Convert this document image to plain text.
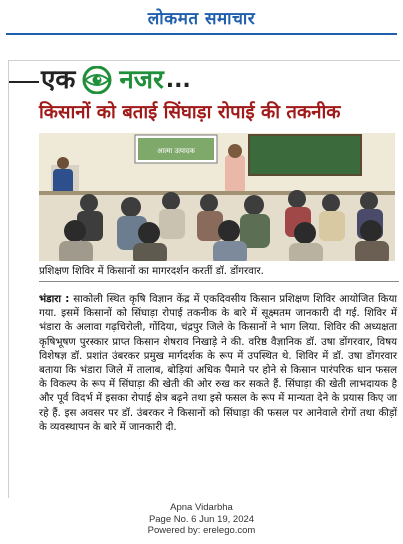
लोकमत समाचार
एक नजर ...
किसानों को बताई सिंघाड़ा रोपाई की तकनीक
आत्मा उत्पादक
प्रशिक्षण शिविर में किसानों का मागरदर्शन करतीं डॉ. डोंगरवार.
भंडारा : साकोली स्थित कृषि विज्ञान केंद्र में एकदिवसीय किसान प्रशिक्षण शिविर आयोजित किया गया. इसमें किसानों को सिंघाड़ा रोपाई तकनीक के बारे में सूक्ष्मतम जानकारी दी गई. शिविर में भंडारा के अलावा गढ़चिरोली, गोंदिया, चंद्रपुर जिले के किसानों ने भाग लिया. शिविर की अध्यक्षता कृषिभूषण पुरस्कार प्राप्त किसान शेषराव निखाड़े ने की. वरिष्ठ वैज्ञानिक डॉ. उषा डोंगरवार, विषय विशेषज्ञ डॉ. प्रशांत उंबरकर प्रमुख मार्गदर्शक के रूप में उपस्थित थे. शिविर में डॉ. उषा डोंगरवार बताया कि भंडारा जिले में तालाब, बोड़ियां अधिक पैमाने पर होने से किसान पारंपरिक धान फसल के विकल्प के रूप में सिंघाड़ा की खेती की ओर रुख कर सकते हैं. सिंघाड़ा की खेती लाभदायक है और पूर्व विदर्भ में इसका रोपाई क्षेत्र बढ़ने तथा इसे फसल के रूप में मान्यता देने के प्रयास किए जा रहे हैं. इस अवसर पर डॉ. उंबरकर ने किसानों को सिंघाड़ा की फसल पर आनेवाले रोगों तथा कीड़ों के व्यवस्थापन के बारे में जानकारी दी.
Apna Vidarbha
Page No. 6 Jun 19, 2024
Powered by: erelego.com
